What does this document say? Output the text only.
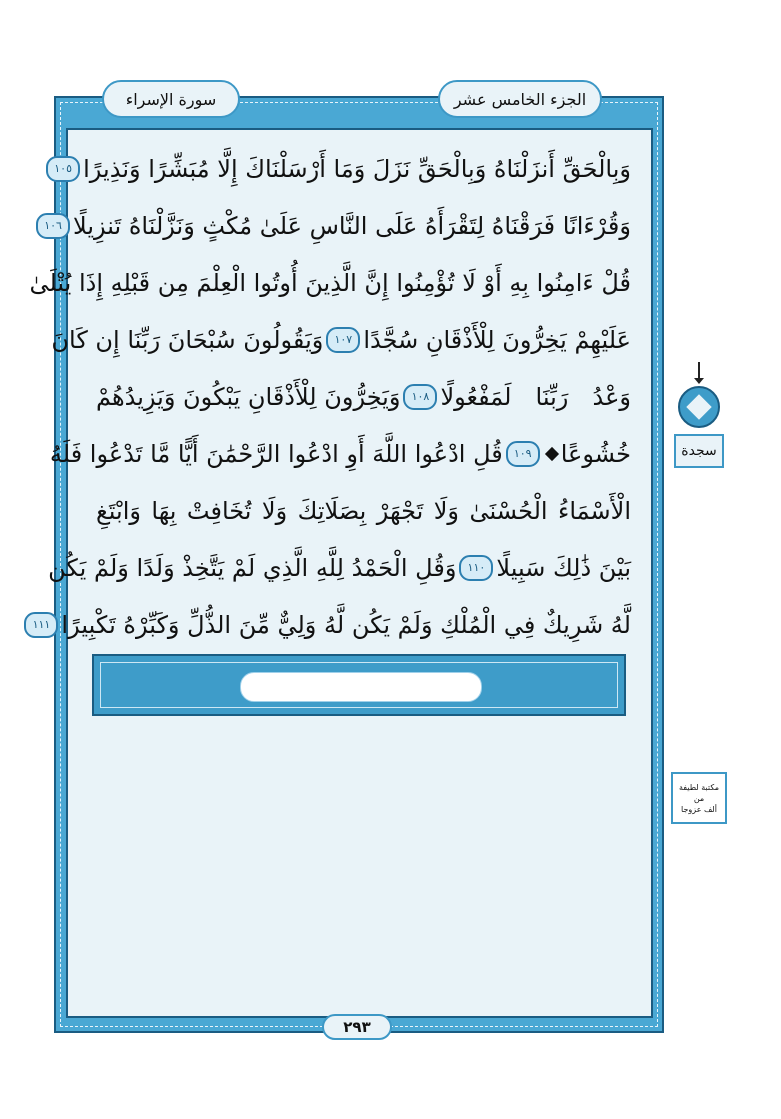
سورة الإسراء	الجزء الخامس عشر
وَبِالْحَقِّ أَنزَلْنَاهُ وَبِالْحَقِّ نَزَلَ وَمَا أَرْسَلْنَاكَ إِلَّا مُبَشِّرًا وَنَذِيرًا
١٠٥
وَقُرْءَانًا فَرَقْنَاهُ لِتَقْرَأَهُ عَلَى النَّاسِ عَلَىٰ مُكْثٍ وَنَزَّلْنَاهُ تَنزِيلًا
١٠٦
قُلْ ءَامِنُوا بِهِ أَوْ لَا تُؤْمِنُوا إِنَّ الَّذِينَ أُوتُوا الْعِلْمَ مِن قَبْلِهِ إِذَا يُتْلَىٰ
عَلَيْهِمْ يَخِرُّونَ لِلْأَذْقَانِ سُجَّدًا
١٠٧
وَيَقُولُونَ سُبْحَانَ رَبِّنَا إِن كَانَ
وَعْدُ رَبِّنَا لَمَفْعُولًا
١٠٨
وَيَخِرُّونَ لِلْأَذْقَانِ يَبْكُونَ وَيَزِيدُهُمْ
خُشُوعًا
١٠٩
قُلِ ادْعُوا اللَّهَ أَوِ ادْعُوا الرَّحْمَٰنَ أَيًّا مَّا تَدْعُوا فَلَهُ
الْأَسْمَاءُ الْحُسْنَىٰ وَلَا تَجْهَرْ بِصَلَاتِكَ وَلَا تُخَافِتْ بِهَا وَابْتَغِ
بَيْنَ ذَٰلِكَ سَبِيلًا
١١٠
وَقُلِ الْحَمْدُ لِلَّهِ الَّذِي لَمْ يَتَّخِذْ وَلَدًا وَلَمْ يَكُن
لَّهُ شَرِيكٌ فِي الْمُلْكِ وَلَمْ يَكُن لَّهُ وَلِيٌّ مِّنَ الذُّلِّ وَكَبِّرْهُ تَكْبِيرًا
١١١
سجدة
مكتبة لطيفة
من
ألف عزوجا
٢٩٣
